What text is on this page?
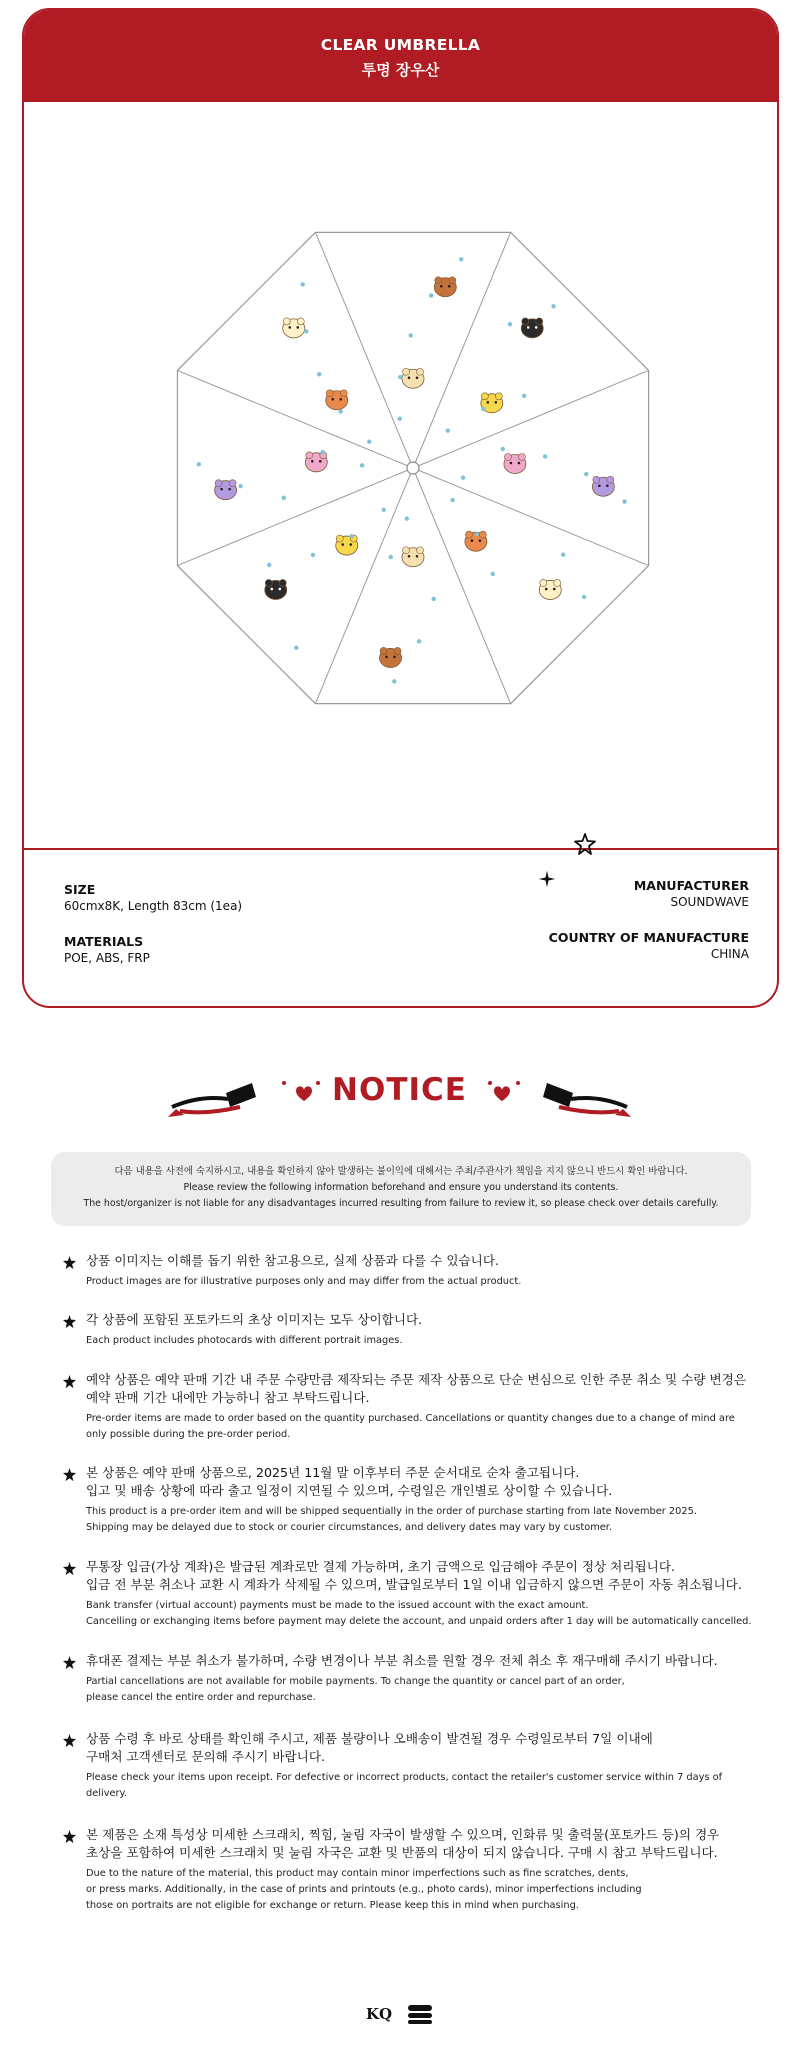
CLEAR UMBRELLA
투명 장우산
SIZE
60cmx8K, Length 83cm (1ea)
MATERIALS
POE, ABS, FRP
MANUFACTURER
SOUNDWAVE
COUNTRY OF MANUFACTURE
CHINA
NOTICE
다음 내용을 사전에 숙지하시고, 내용을 확인하지 않아 발생하는 불이익에 대해서는 주최/주관사가 책임을 지지 않으니 반드시 확인 바랍니다.
Please review the following information beforehand and ensure you understand its contents.
The host/organizer is not liable for any disadvantages incurred resulting from failure to review it, so please check over details carefully.
상품 이미지는 이해를 돕기 위한 참고용으로, 실제 상품과 다를 수 있습니다.
Product images are for illustrative purposes only and may differ from the actual product.
각 상품에 포함된 포토카드의 초상 이미지는 모두 상이합니다.
Each product includes photocards with different portrait images.
예약 상품은 예약 판매 기간 내 주문 수량만큼 제작되는 주문 제작 상품으로 단순 변심으로 인한 주문 취소 및 수량 변경은
예약 판매 기간 내에만 가능하니 참고 부탁드립니다.
Pre-order items are made to order based on the quantity purchased. Cancellations or quantity changes due to a change of mind are
only possible during the pre-order period.
본 상품은 예약 판매 상품으로, 2025년 11월 말 이후부터 주문 순서대로 순차 출고됩니다.
입고 및 배송 상황에 따라 출고 일정이 지연될 수 있으며, 수령일은 개인별로 상이할 수 있습니다.
This product is a pre-order item and will be shipped sequentially in the order of purchase starting from late November 2025.
Shipping may be delayed due to stock or courier circumstances, and delivery dates may vary by customer.
무통장 입금(가상 계좌)은 발급된 계좌로만 결제 가능하며, 초기 금액으로 입금해야 주문이 정상 처리됩니다.
입금 전 부분 취소나 교환 시 계좌가 삭제될 수 있으며, 발급일로부터 1일 이내 입금하지 않으면 주문이 자동 취소됩니다.
Bank transfer (virtual account) payments must be made to the issued account with the exact amount.
Cancelling or exchanging items before payment may delete the account, and unpaid orders after 1 day will be automatically cancelled.
휴대폰 결제는 부분 취소가 불가하며, 수량 변경이나 부분 취소를 원할 경우 전체 취소 후 재구매해 주시기 바랍니다.
Partial cancellations are not available for mobile payments. To change the quantity or cancel part of an order,
please cancel the entire order and repurchase.
상품 수령 후 바로 상태를 확인해 주시고, 제품 불량이나 오배송이 발견될 경우 수령일로부터 7일 이내에
구매처 고객센터로 문의해 주시기 바랍니다.
Please check your items upon receipt. For defective or incorrect products, contact the retailer's customer service within 7 days of delivery.
본 제품은 소재 특성상 미세한 스크래치, 찍힘, 눌림 자국이 발생할 수 있으며, 인화류 및 출력물(포토카드 등)의 경우
초상을 포함하여 미세한 스크래치 및 눌림 자국은 교환 및 반품의 대상이 되지 않습니다. 구매 시 참고 부탁드립니다.
Due to the nature of the material, this product may contain minor imperfections such as fine scratches, dents,
or press marks. Additionally, in the case of prints and printouts (e.g., photo cards), minor imperfections including
those on portraits are not eligible for exchange or return. Please keep this in mind when purchasing.
KQ
